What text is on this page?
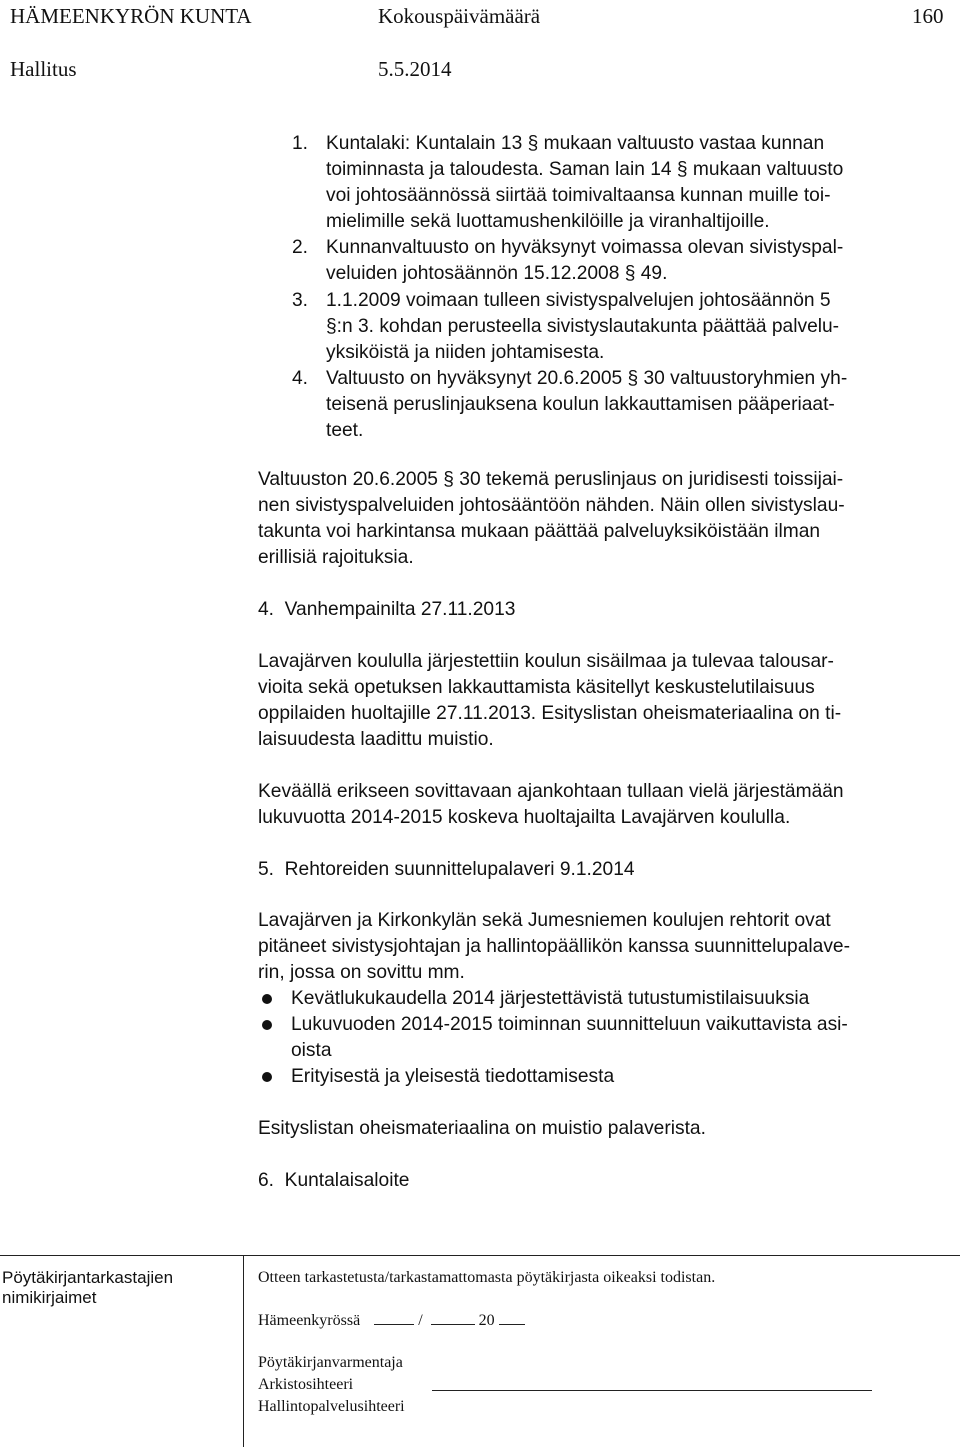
HÄMEENKYRÖN KUNTA	Kokouspäivämäärä	160
Hallitus	5.5.2014
1. Kuntalaki: Kuntalain 13 § mukaan valtuusto vastaa kunnan
toiminnasta ja taloudesta. Saman lain 14 § mukaan valtuusto
voi johtosäännössä siirtää toimivaltaansa kunnan muille toi-
mielimille sekä luottamushenkilöille ja viranhaltijoille.
2. Kunnanvaltuusto on hyväksynyt voimassa olevan sivistyspal-
veluiden johtosäännön 15.12.2008 § 49.
3. 1.1.2009 voimaan tulleen sivistyspalvelujen johtosäännön 5
§:n 3. kohdan perusteella sivistyslautakunta päättää palvelu-
yksiköistä ja niiden johtamisesta.
4. Valtuusto on hyväksynyt 20.6.2005 § 30 valtuustoryhmien yh-
teisenä peruslinjauksena koulun lakkauttamisen pääperiaat-
teet.
Valtuuston 20.6.2005 § 30 tekemä peruslinjaus on juridisesti toissijai-
nen sivistyspalveluiden johtosääntöön nähden. Näin ollen sivistyslau-
takunta voi harkintansa mukaan päättää palveluyksiköistään ilman
erillisiä rajoituksia.
4.  Vanhempainilta 27.11.2013
Lavajärven koululla järjestettiin koulun sisäilmaa ja tulevaa talousar-
vioita sekä opetuksen lakkauttamista käsitellyt keskustelutilaisuus
oppilaiden huoltajille 27.11.2013. Esityslistan oheismateriaalina on ti-
laisuudesta laadittu muistio.
Keväällä erikseen sovittavaan ajankohtaan tullaan vielä järjestämään
lukuvuotta 2014-2015 koskeva huoltajailta Lavajärven koululla.
5.  Rehtoreiden suunnittelupalaveri 9.1.2014
Lavajärven ja Kirkonkylän sekä Jumesniemen koulujen rehtorit ovat
pitäneet sivistysjohtajan ja hallintopäällikön kanssa suunnittelupalave-
rin, jossa on sovittu mm.
Kevätlukukaudella 2014 järjestettävistä tutustumistilaisuuksia
Lukuvuoden 2014-2015 toiminnan suunnitteluun vaikuttavista asi-
oista
Erityisestä ja yleisestä tiedottamisesta
Esityslistan oheismateriaalina on muistio palaverista.
6.  Kuntalaisaloite
Pöytäkirjantarkastajien
nimikirjaimet
Otteen tarkastetusta/tarkastamattomasta pöytäkirjasta oikeaksi todistan.
Hämeenkyrössä	/	20
Pöytäkirjanvarmentaja
Arkistosihteeri
Hallintopalvelusihteeri
